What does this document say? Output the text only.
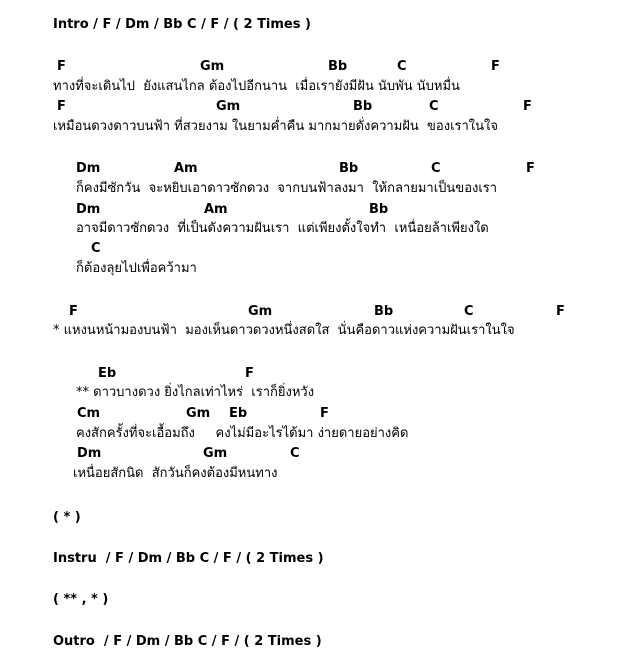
Intro / F / Dm / Bb C / F / ( 2 Times )
F	Gm	Bb	C	F
ทางที่จะเดินไป  ยังแสนไกล ต้องไปอีกนาน  เมื่อเรายังมีฝัน นับพัน นับหมื่น
F	Gm	Bb	C	F
เหมือนดวงดาวบนฟ้า ที่สวยงาม ในยามค่ำคืน มากมายดั่งความฝัน  ของเราในใจ
Dm	Am	Bb	C	F
ก็คงมีซักวัน  จะหยิบเอาดาวซักดวง  จากบนฟ้าลงมา  ให้กลายมาเป็นของเรา
Dm	Am	Bb
อาจมีดาวซักดวง  ที่เป็นดังความฝันเรา  แต่เพียงตั้งใจทำ  เหนื่อยล้าเพียงใด
C
ก็ต้องลุยไปเพื่อคว้ามา
F	Gm	Bb	C	F
* แหงนหน้ามองบนฟ้า  มองเห็นดาวดวงหนึ่งสดใส  นั่นคือดาวแห่งความฝันเราในใจ
Eb	F
** ดาวบางดวง ยิ่งไกลเท่าไหร่  เราก็ยิ่งหวัง
Cm	Gm Eb	F
คงสักครั้งที่จะเอื้อมถึง     คงไม่มีอะไรได้มา ง่ายดายอย่างคิด
Dm	Gm	C
เหนื่อยสักนิด  สักวันก็คงต้องมีหนทาง
( * )
Instru  / F / Dm / Bb C / F / ( 2 Times )
( ** , * )
Outro  / F / Dm / Bb C / F / ( 2 Times )
